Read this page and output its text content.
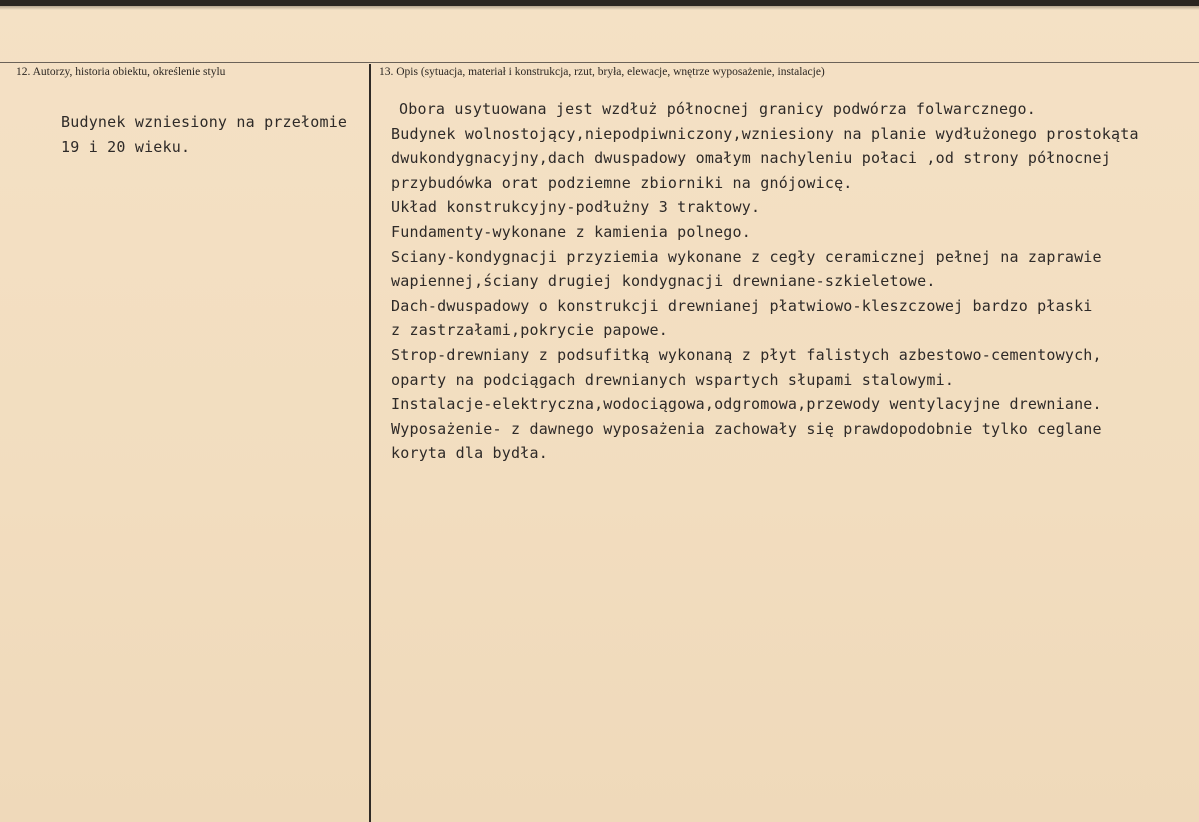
12. Autorzy, historia obiektu, określenie stylu	13. Opis (sytuacja, materiał i konstrukcja, rzut, bryła, elewacje, wnętrze wyposażenie, instalacje)
Budynek wzniesiony na przełomie
19 i 20 wieku.
Obora usytuowana jest wzdłuż północnej granicy podwórza folwarcznego.
Budynek wolnostojący,niepodpiwniczony,wzniesiony na planie wydłużonego prostokąta
dwukondygnacyjny,dach dwuspadowy omałym nachyleniu połaci ,od strony północnej
przybudówka orat podziemne zbiorniki na gnójowicę.
Układ konstrukcyjny-podłużny 3 traktowy.
Fundamenty-wykonane z kamienia polnego.
Sciany-kondygnacji przyziemia wykonane z cegły ceramicznej pełnej na zaprawie
wapiennej,ściany drugiej kondygnacji drewniane-szkieletowe.
Dach-dwuspadowy o konstrukcji drewnianej płatwiowo-kleszczowej bardzo płaski
z zastrzałami,pokrycie papowe.
Strop-drewniany z podsufitką wykonaną z płyt falistych azbestowo-cementowych,
oparty na podciągach drewnianych wspartych słupami stalowymi.
Instalacje-elektryczna,wodociągowa,odgromowa,przewody wentylacyjne drewniane.
Wyposażenie- z dawnego wyposażenia zachowały się prawdopodobnie tylko ceglane
koryta dla bydła.
